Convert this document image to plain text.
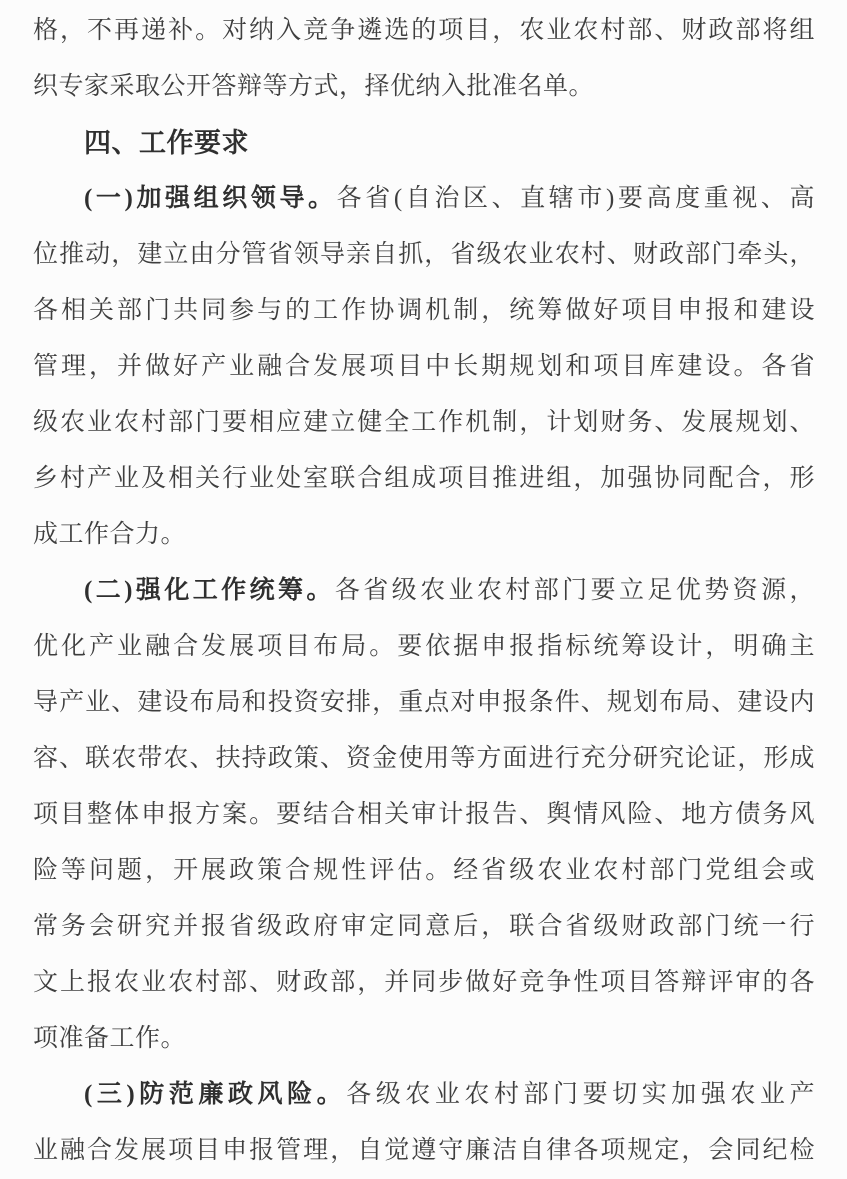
格，不再递补。对纳入竞争遴选的项目，农业农村部、财政部将组
织专家采取公开答辩等方式，择优纳入批准名单。
四、工作要求
(一)加强组织领导。各省(自治区、直辖市)要高度重视、高
位推动，建立由分管省领导亲自抓，省级农业农村、财政部门牵头，
各相关部门共同参与的工作协调机制，统筹做好项目申报和建设
管理，并做好产业融合发展项目中长期规划和项目库建设。各省
级农业农村部门要相应建立健全工作机制，计划财务、发展规划、
乡村产业及相关行业处室联合组成项目推进组，加强协同配合，形
成工作合力。
(二)强化工作统筹。各省级农业农村部门要立足优势资源，
优化产业融合发展项目布局。要依据申报指标统筹设计，明确主
导产业、建设布局和投资安排，重点对申报条件、规划布局、建设内
容、联农带农、扶持政策、资金使用等方面进行充分研究论证，形成
项目整体申报方案。要结合相关审计报告、舆情风险、地方债务风
险等问题，开展政策合规性评估。经省级农业农村部门党组会或
常务会研究并报省级政府审定同意后，联合省级财政部门统一行
文上报农业农村部、财政部，并同步做好竞争性项目答辩评审的各
项准备工作。
(三)防范廉政风险。各级农业农村部门要切实加强农业产
业融合发展项目申报管理，自觉遵守廉洁自律各项规定，会同纪检
